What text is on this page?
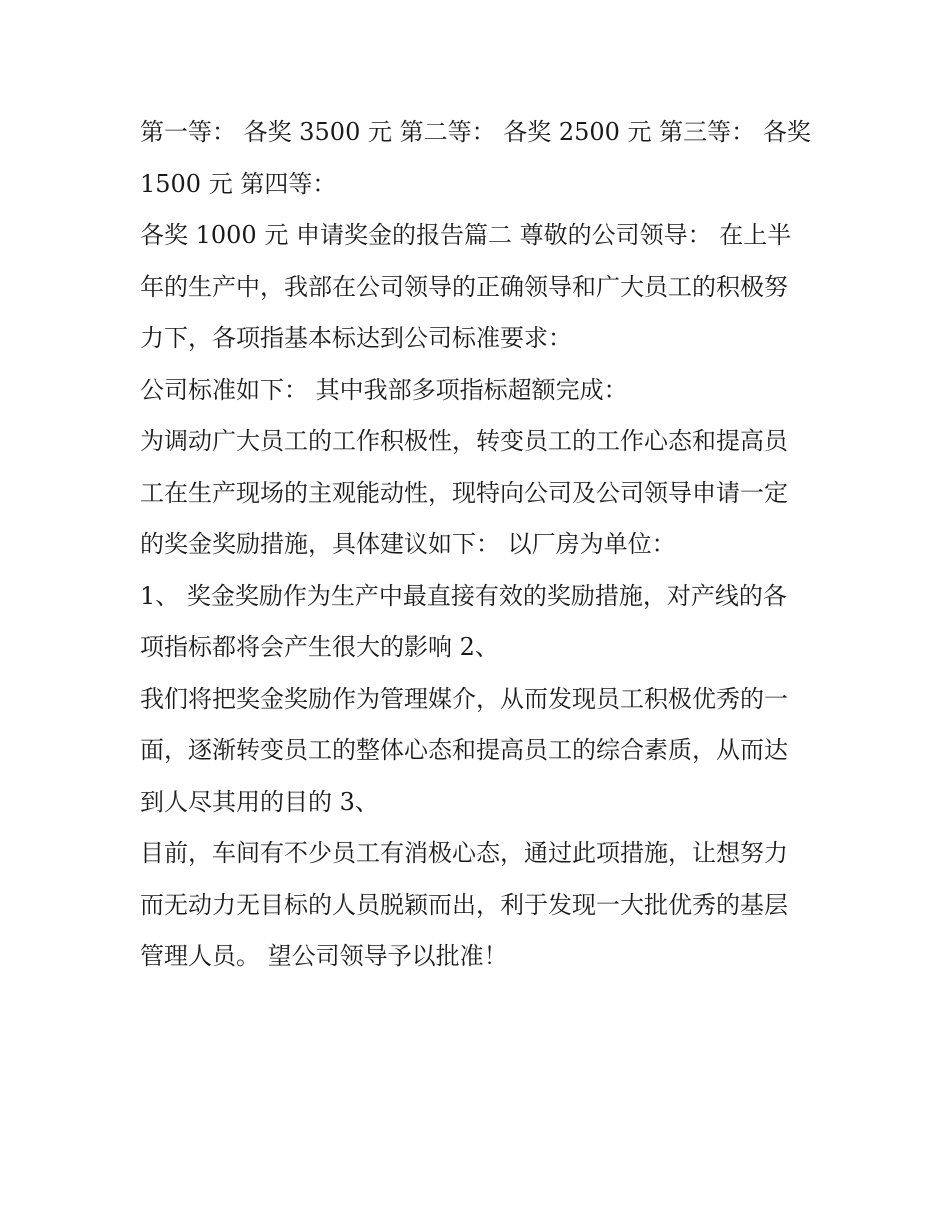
第一等： 各奖 3500 元 第二等： 各奖 2500 元 第三等： 各奖
1500 元 第四等：
各奖 1000 元 申请奖金的报告篇二 尊敬的公司领导： 在上半
年的生产中，我部在公司领导的正确领导和广大员工的积极努
力下，各项指基本标达到公司标准要求：
公司标准如下： 其中我部多项指标超额完成：
为调动广大员工的工作积极性，转变员工的工作心态和提高员
工在生产现场的主观能动性，现特向公司及公司领导申请一定
的奖金奖励措施，具体建议如下： 以厂房为单位：
1、 奖金奖励作为生产中最直接有效的奖励措施，对产线的各
项指标都将会产生很大的影响 2、
我们将把奖金奖励作为管理媒介，从而发现员工积极优秀的一
面，逐渐转变员工的整体心态和提高员工的综合素质，从而达
到人尽其用的目的 3、
目前，车间有不少员工有消极心态，通过此项措施，让想努力
而无动力无目标的人员脱颖而出，利于发现一大批优秀的基层
管理人员。 望公司领导予以批准！
